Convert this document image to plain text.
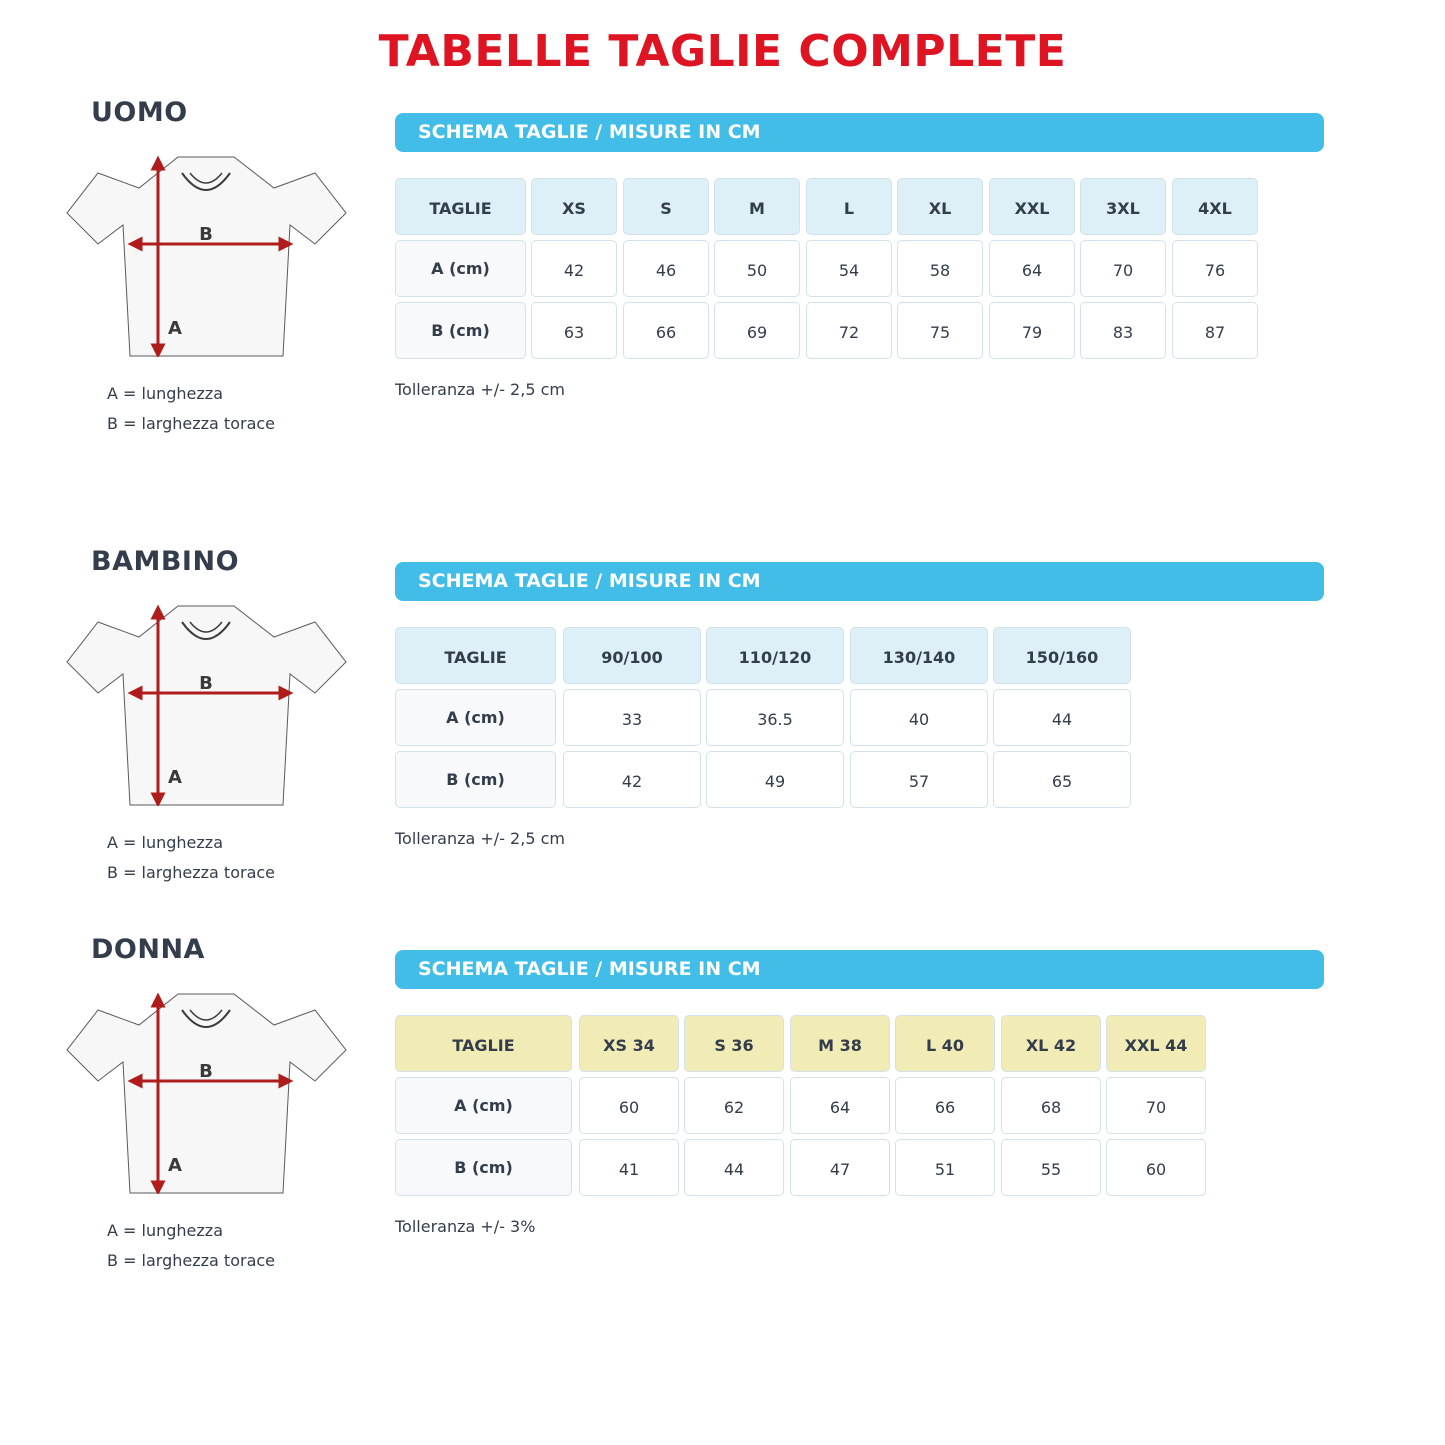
TABELLE TAGLIE COMPLETE
UOMO
B
A
A = lunghezza
B = larghezza torace
SCHEMA TAGLIE / MISURE IN CM
TAGLIE	XS	S	M	L	XL	XXL	3XL	4XL
A (cm)	42	46	50	54	58	64	70	76
B (cm)	63	66	69	72	75	79	83	87
Tolleranza +/- 2,5 cm
BAMBINO
B
A
A = lunghezza
B = larghezza torace
SCHEMA TAGLIE / MISURE IN CM
TAGLIE	90/100	110/120	130/140	150/160
A (cm)	33	36.5	40	44
B (cm)	42	49	57	65
Tolleranza +/- 2,5 cm
DONNA
B
A
A = lunghezza
B = larghezza torace
SCHEMA TAGLIE / MISURE IN CM
TAGLIE	XS 34	S 36	M 38	L 40	XL 42	XXL 44
A (cm)	60	62	64	66	68	70
B (cm)	41	44	47	51	55	60
Tolleranza +/- 3%
